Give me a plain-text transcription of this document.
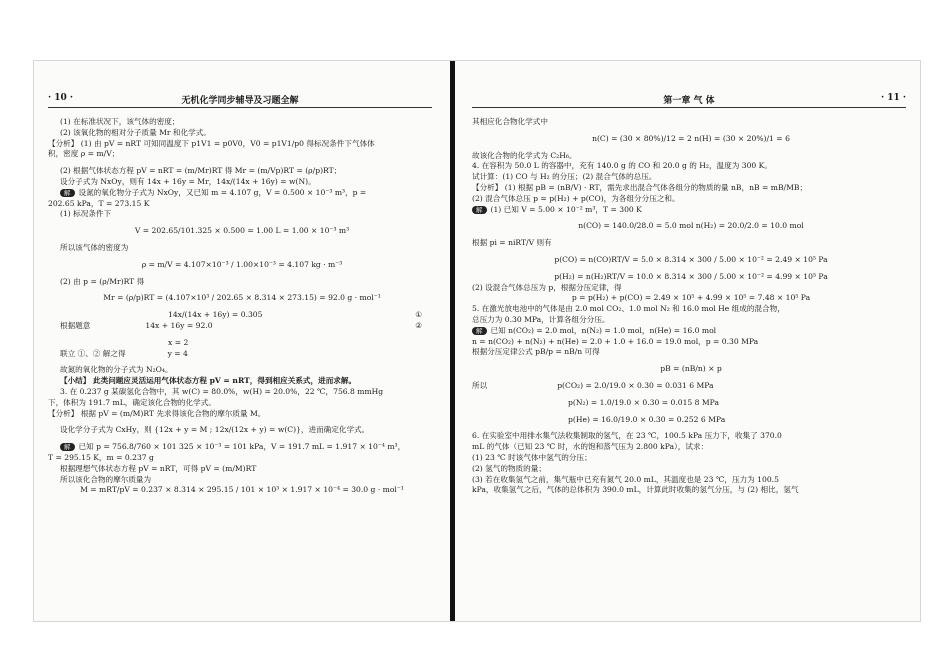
· 10 ·	无机化学同步辅导及习题全解
(1) 在标准状况下，该气体的密度；
(2) 该氧化物的相对分子质量 Mr 和化学式。
【分析】 (1) 由 pV = nRT 可知同温度下 p1V1 = p0V0，V0 = p1V1/p0 得标况条件下气体体
积，密度 ρ = m/V；
(2) 根据气体状态方程 pV = nRT = (m/Mr)RT 得 Mr = (m/Vp)RT = (ρ/p)RT；
设分子式为 NxOy，则有 14x + 16y = Mr，14x/(14x + 16y) = w(N)。
解 设氮的氧化物分子式为 NxOy，又已知 m = 4.107 g，V = 0.500 × 10⁻³ m³，p =
202.65 kPa，T = 273.15 K
(1) 标况条件下
V = 202.65/101.325 × 0.500 = 1.00 L = 1.00 × 10⁻³ m³
所以该气体的密度为
ρ = m/V = 4.107×10⁻³ / 1.00×10⁻³ = 4.107 kg · m⁻³
(2) 由 p = (ρ/Mr)RT 得
Mr = (ρ/p)RT = (4.107×10³ / 202.65 × 8.314 × 273.15) = 92.0 g · mol⁻¹
14x/(14x + 16y) = 0.305	①
根据题意	14x + 16y = 92.0	②
x = 2
联立 ①、② 解之得	y = 4
故氮的氧化物的分子式为 N₂O₄。
【小结】 此类问题应灵活运用气体状态方程 pV = nRT，得到相应关系式，进而求解。
3. 在 0.237 g 某碳氢化合物中，其 w(C) = 80.0%，w(H) = 20.0%，22 ℃，756.8 mmHg
下，体积为 191.7 mL，确定该化合物的化学式。
【分析】 根据 pV = (m/M)RT 先求得该化合物的摩尔质量 M。
设化学分子式为 CxHy，则 {12x + y = M ; 12x/(12x + y) = w(C)}，进而确定化学式。
解 已知 p = 756.8/760 × 101 325 × 10⁻³ = 101 kPa，V = 191.7 mL = 1.917 × 10⁻⁴ m³，
T = 295.15 K，m = 0.237 g
根据理想气体状态方程 pV = nRT，可得 pV = (m/M)RT
所以该化合物的摩尔质量为
M = mRT/pV = 0.237 × 8.314 × 295.15 / 101 × 10³ × 1.917 × 10⁻⁴ = 30.0 g · mol⁻¹
第一章 气 体	· 11 ·
其相应化合物化学式中
n(C) = (30 × 80%)/12 = 2 n(H) = (30 × 20%)/1 = 6
故该化合物的化学式为 C₂H₆。
4. 在容积为 50.0 L 的容器中，充有 140.0 g 的 CO 和 20.0 g 的 H₂，温度为 300 K。
试计算：(1) CO 与 H₂ 的分压；(2) 混合气体的总压。
【分析】 (1) 根据 pB = (nB/V) · RT，需先求出混合气体各组分的物质的量 nB，nB = mB/MB；
(2) 混合气体总压 p = p(H₂) + p(CO)，为各组分分压之和。
解 (1) 已知 V = 5.00 × 10⁻² m³，T = 300 K
n(CO) = 140.0/28.0 = 5.0 mol n(H₂) = 20.0/2.0 = 10.0 mol
根据 pi = niRT/V 则有
p(CO) = n(CO)RT/V = 5.0 × 8.314 × 300 / 5.00 × 10⁻² = 2.49 × 10⁵ Pa
p(H₂) = n(H₂)RT/V = 10.0 × 8.314 × 300 / 5.00 × 10⁻² = 4.99 × 10⁵ Pa
(2) 设混合气体总压为 p，根据分压定律，得
p = p(H₂) + p(CO) = 2.49 × 10⁵ + 4.99 × 10⁵ = 7.48 × 10⁵ Pa
5. 在激光放电池中的气体是由 2.0 mol CO₂、1.0 mol N₂ 和 16.0 mol He 组成的混合物，
总压力为 0.30 MPa，计算各组分分压。
解 已知 n(CO₂) = 2.0 mol，n(N₂) = 1.0 mol，n(He) = 16.0 mol
n = n(CO₂) + n(N₂) + n(He) = 2.0 + 1.0 + 16.0 = 19.0 mol，p = 0.30 MPa
根据分压定律公式 pB/p = nB/n 可得
pB = (nB/n) × p
所以	p(CO₂) = 2.0/19.0 × 0.30 = 0.031 6 MPa
p(N₂) = 1.0/19.0 × 0.30 = 0.015 8 MPa
p(He) = 16.0/19.0 × 0.30 = 0.252 6 MPa
6. 在实验室中用排水集气法收集制取的氢气，在 23 ℃，100.5 kPa 压力下，收集了 370.0
mL 的气体（已知 23 ℃ 时，水的饱和蒸气压为 2.800 kPa），试求：
(1) 23 ℃ 时该气体中氢气的分压；
(2) 氢气的物质的量；
(3) 若在收集氢气之前，集气瓶中已充有氮气 20.0 mL，其温度也是 23 ℃，压力为 100.5
kPa，收集氢气之后，气体的总体积为 390.0 mL，计算此时收集的氢气分压，与 (2) 相比，氢气
